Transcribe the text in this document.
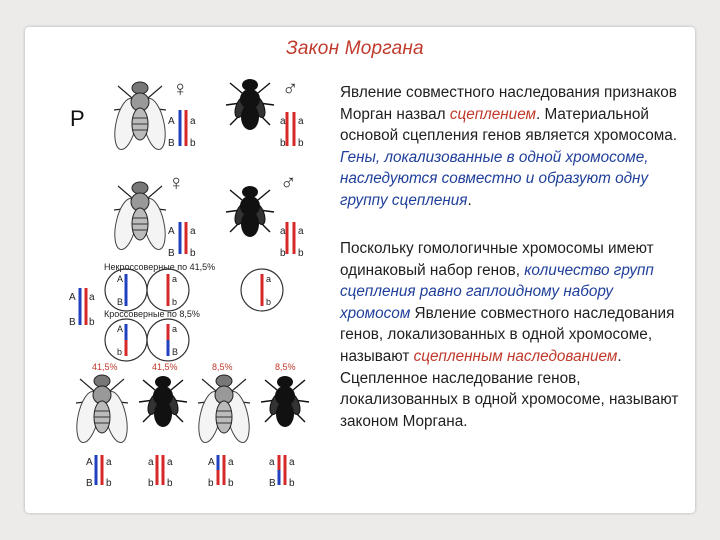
Закон Моргана
Явление совместного наследования признаков Морган назвал сцеплением. Материальной основой сцепления генов является хромосома. Гены, локализованные в одной хромосоме, наследуются совместно и образуют одну группу сцепления.
Поскольку гомологичные хромосомы имеют одинаковый набор генов, количество групп сцепления равно гаплоидному набору хромосом Явление совместного наследования генов, локализованных в одной хромосоме, называют сцепленным наследованием. Сцепленное наследование генов, локализованных в одной хромосоме, называют законом Моргана.
P
♀
A a
B b
♂
a a
b b
♀
A a
B b
♂
a a
b b
Некроссоверные по 41,5%
A a
B b
A
B
a
b
a
b
Кроссоверные по 8,5%
A
b
a
B
41,5%	41,5%	8,5%	8,5%
A a
B b
a a
b b
A a
b b
a a
B b
